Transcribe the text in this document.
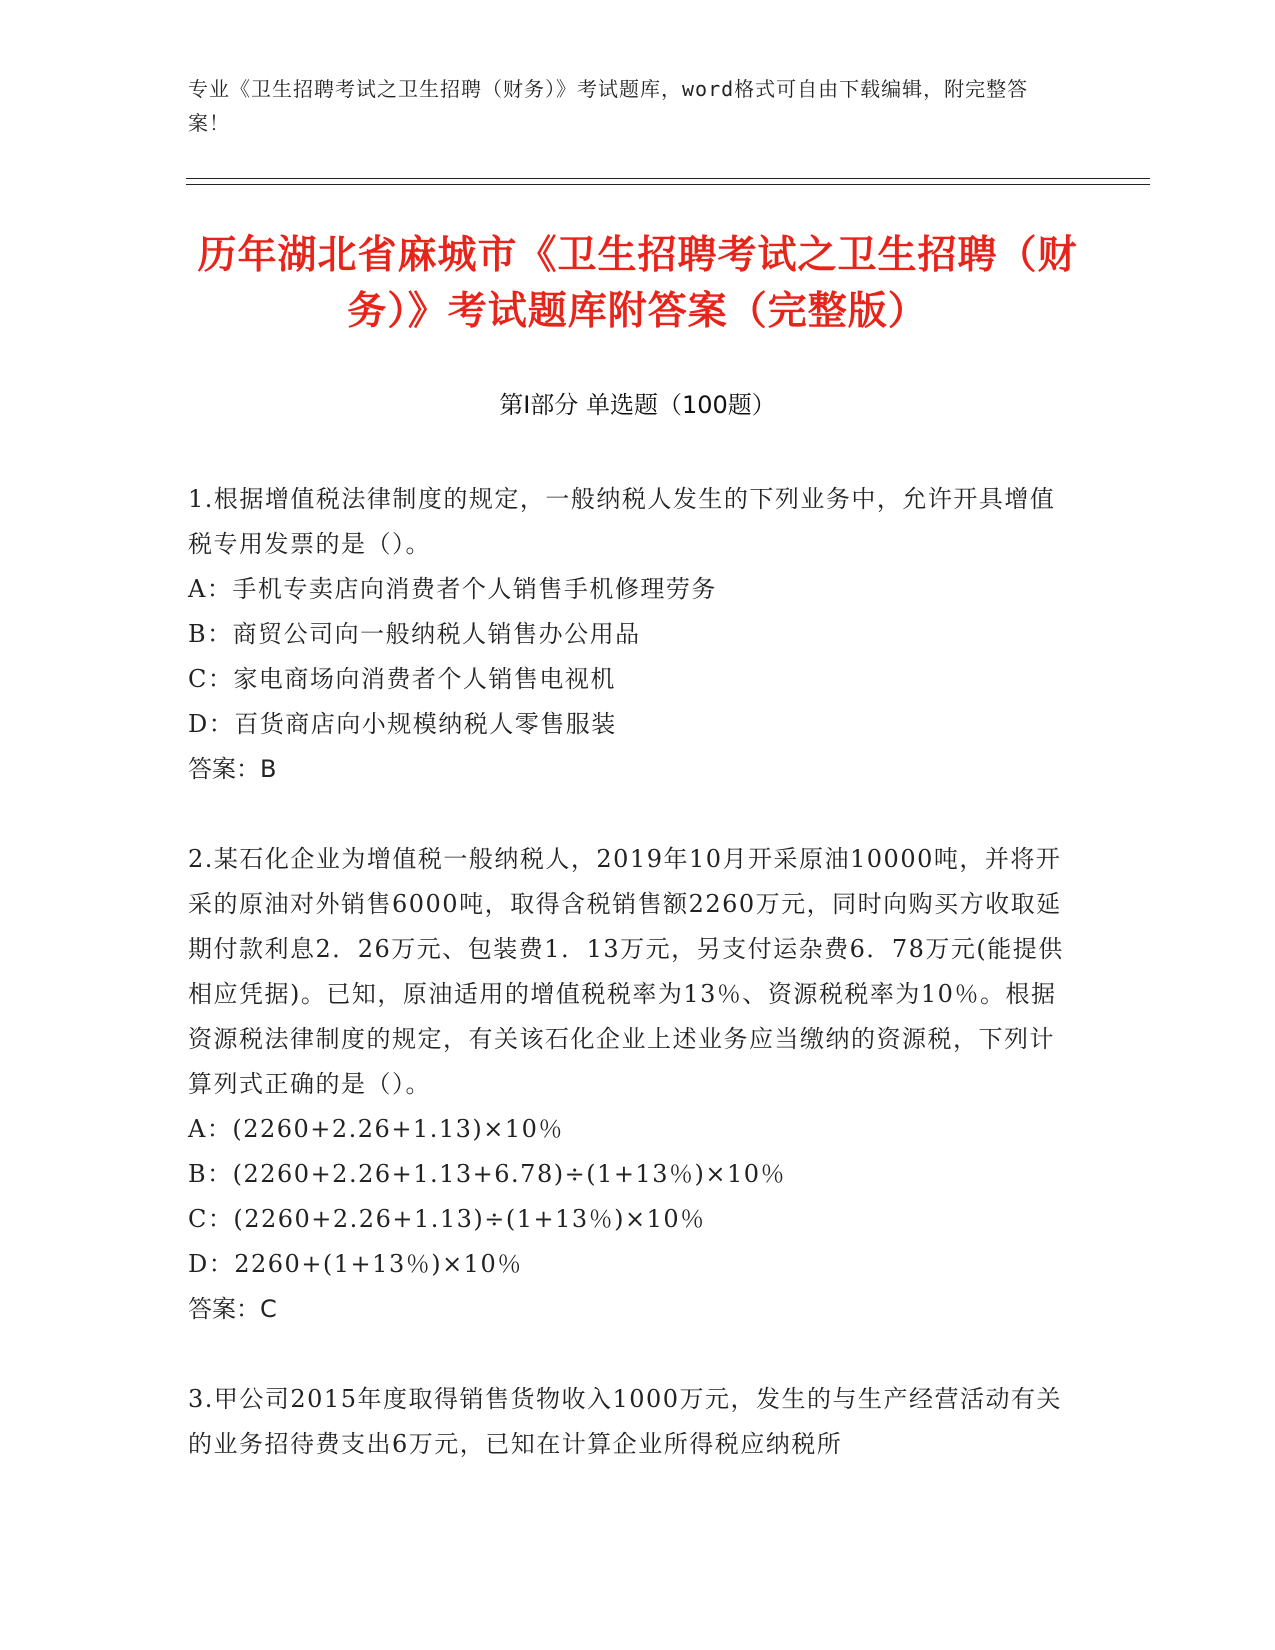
专业《卫生招聘考试之卫生招聘（财务）》考试题库，word格式可自由下载编辑，附完整答案！
历年湖北省麻城市《卫生招聘考试之卫生招聘（财务）》考试题库附答案（完整版）
第Ⅰ部分 单选题（100题）
1.根据增值税法律制度的规定，一般纳税人发生的下列业务中，允许开具增值税专用发票的是（）。
A：手机专卖店向消费者个人销售手机修理劳务
B：商贸公司向一般纳税人销售办公用品
C：家电商场向消费者个人销售电视机
D：百货商店向小规模纳税人零售服装
答案：B
2.某石化企业为增值税一般纳税人，2019年10月开采原油10000吨，并将开采的原油对外销售6000吨，取得含税销售额2260万元，同时向购买方收取延期付款利息2．26万元、包装费1．13万元，另支付运杂费6．78万元(能提供相应凭据)。已知，原油适用的增值税税率为13％、资源税税率为10％。根据资源税法律制度的规定，有关该石化企业上述业务应当缴纳的资源税，下列计算列式正确的是（）。
A：(2260+2.26+1.13)×10％
B：(2260+2.26+1.13+6.78)÷(1+13％)×10％
C：(2260+2.26+1.13)÷(1+13％)×10％
D：2260+(1+13％)×10％
答案：C
3.甲公司2015年度取得销售货物收入1000万元，发生的与生产经营活动有关的业务招待费支出6万元，已知在计算企业所得税应纳税所
